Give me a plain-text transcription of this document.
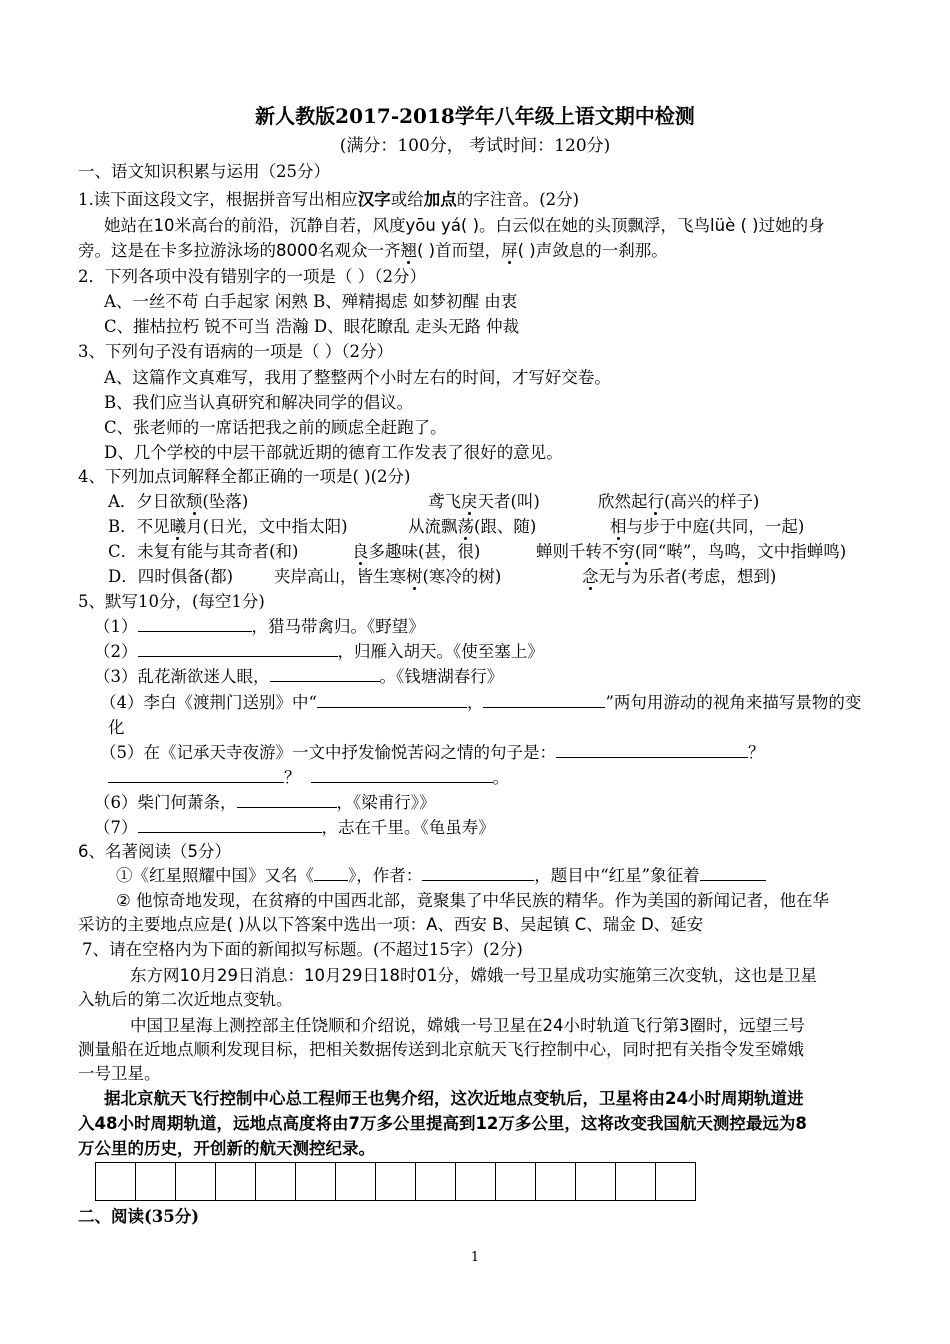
新人教版2017-2018学年八年级上语文期中检测
(满分：100分， 考试时间：120分)
一、语文知识积累与运用（25分）
1.读下面这段文字，根据拼音写出相应汉字或给加点的字注音。(2分)
她站在10米高台的前沿，沉静自若，风度yōu yá( )。白云似在她的头顶飘浮，飞鸟lüè ( )过她的身
旁。这是在卡多拉游泳场的8000名观众一齐翘( )首而望，屏( )声敛息的一刹那。
2．下列各项中没有错别字的一项是（ ）（2分）
A、一丝不苟 白手起家 闲熟 B、殚精揭虑 如梦初醒 由衷
C、摧枯拉朽 锐不可当 浩瀚 D、眼花瞭乱 走头无路 仲裁
3、下列句子没有语病的一项是（ ）（2分）
A、这篇作文真难写，我用了整整两个小时左右的时间，才写好交卷。
B、我们应当认真研究和解决同学的倡议。
C、张老师的一席话把我之前的顾虑全赶跑了。
D、几个学校的中层干部就近期的德育工作发表了很好的意见。
4、下列加点词解释全都正确的一项是( )(2分)
A．夕日欲颓(坠落)	鸢飞戾天者(叫)	欣然起行(高兴的样子)
B．不见曦月(日光，文中指太阳)	从流飘荡(跟、随)	相与步于中庭(共同，一起)
C．未复有能与其奇者(和)	良多趣味(甚，很)	蝉则千转不穷(同“啭”，鸟鸣，文中指蝉鸣)
D．四时俱备(都)	夹岸高山，皆生寒树(寒冷的树)	念无与为乐者(考虑，想到)
5、默写10分，(每空1分)
（1）	，猎马带禽归。《野望》
（2）	，归雁入胡天。《使至塞上》
（3）乱花渐欲迷人眼，	。《钱塘湖春行》
（4）李白《渡荆门送别》中“	，	”两句用游动的视角来描写景物的变
化
（5）在《记承天寺夜游》一文中抒发愉悦苦闷之情的句子是：	？
？	。
（6）柴门何萧条，	，《梁甫行》》
（7）	，志在千里。《龟虽寿》
6、名著阅读（5分）
①《红星照耀中国》又名《 》，作者：	，题目中“红星”象征着
② 他惊奇地发现，在贫瘠的中国西北部，竟聚集了中华民族的精华。作为美国的新闻记者，他在华
采访的主要地点应是( )从以下答案中选出一项：A、西安 B、吴起镇 C、瑞金 D、延安
7、请在空格内为下面的新闻拟写标题。(不超过15字）(2分)
东方网10月29日消息：10月29日18时01分，嫦娥一号卫星成功实施第三次变轨，这也是卫星
入轨后的第二次近地点变轨。
中国卫星海上测控部主任饶顺和介绍说，嫦娥一号卫星在24小时轨道飞行第3圈时，远望三号
测量船在近地点顺利发现目标，把相关数据传送到北京航天飞行控制中心，同时把有关指令发至嫦娥
一号卫星。
据北京航天飞行控制中心总工程师王也隽介绍，这次近地点变轨后，卫星将由24小时周期轨道进
入48小时周期轨道，远地点高度将由7万多公里提高到12万多公里，这将改变我国航天测控最远为8
万公里的历史，开创新的航天测控纪录。
二、阅读(35分)
1
